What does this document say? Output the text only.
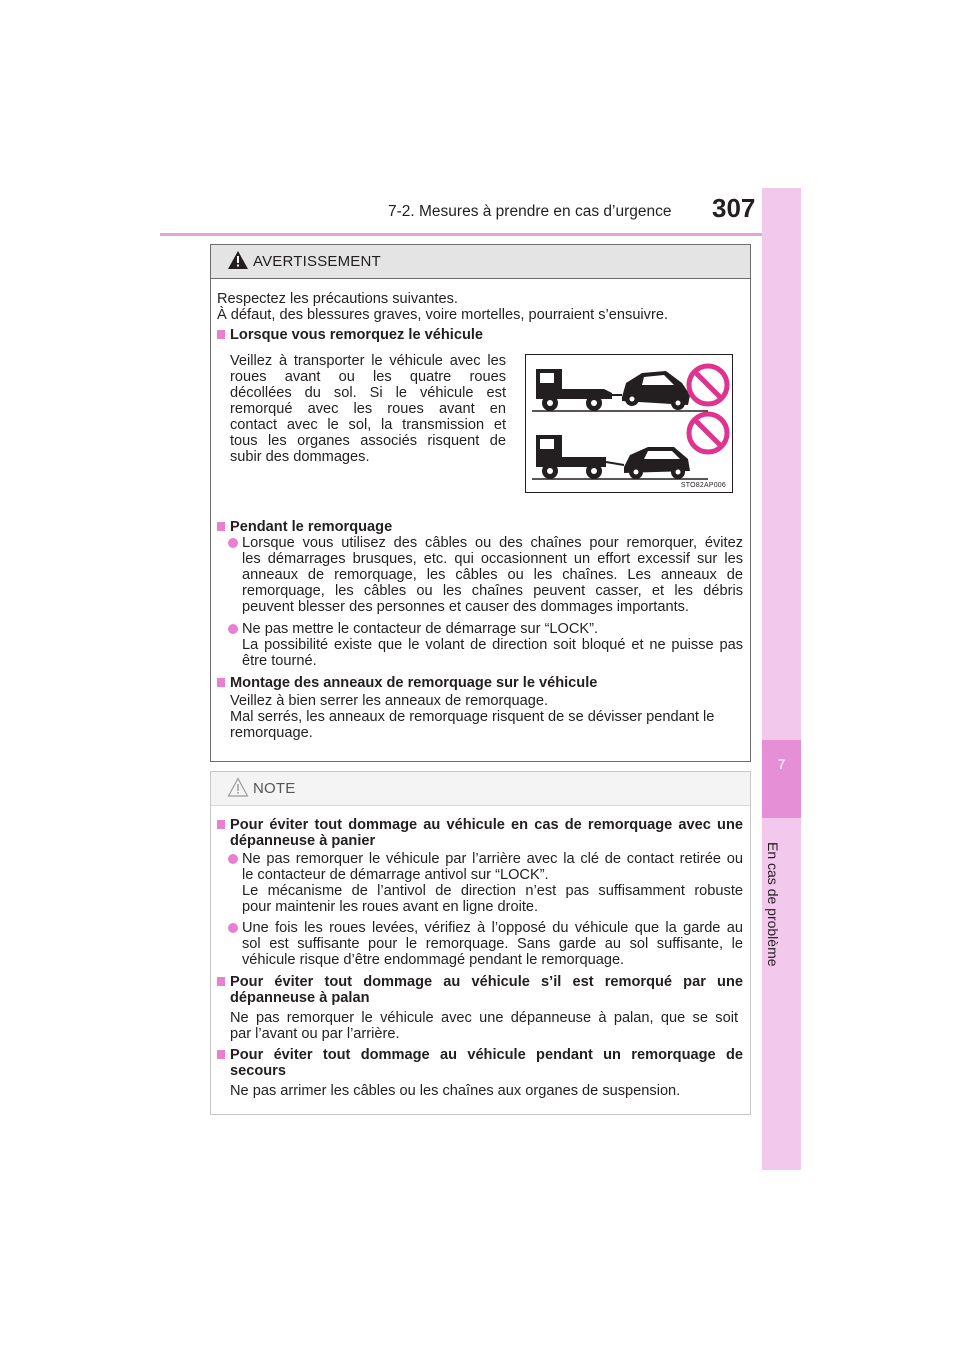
7-2. Mesures à prendre en cas d’urgence 307
7
En cas de problème
AVERTISSEMENT
Respectez les précautions suivantes.
À défaut, des blessures graves, voire mortelles, pourraient s’ensuivre.
Lorsque vous remorquez le véhicule
Veillez à transporter le véhicule avec les
roues avant ou les quatre roues
décollées du sol. Si le véhicule est
remorqué avec les roues avant en
contact avec le sol, la transmission et
tous les organes associés risquent de
subir des dommages.
Pendant le remorquage
Lorsque vous utilisez des câbles ou des chaînes pour remorquer, évitez
les démarrages brusques, etc. qui occasionnent un effort excessif sur les
anneaux de remorquage, les câbles ou les chaînes. Les anneaux de
remorquage, les câbles ou les chaînes peuvent casser, et les débris
peuvent blesser des personnes et causer des dommages importants.
Ne pas mettre le contacteur de démarrage sur “LOCK”.
La possibilité existe que le volant de direction soit bloqué et ne puisse pas
être tourné.
Montage des anneaux de remorquage sur le véhicule
Veillez à bien serrer les anneaux de remorquage.
Mal serrés, les anneaux de remorquage risquent de se dévisser pendant le
remorquage.
STO82AP006
NOTE
Pour éviter tout dommage au véhicule en cas de remorquage avec une
dépanneuse à panier
Ne pas remorquer le véhicule par l’arrière avec la clé de contact retirée ou
le contacteur de démarrage antivol sur “LOCK”.
Le mécanisme de l’antivol de direction n’est pas suffisamment robuste
pour maintenir les roues avant en ligne droite.
Une fois les roues levées, vérifiez à l’opposé du véhicule que la garde au
sol est suffisante pour le remorquage. Sans garde au sol suffisante, le
véhicule risque d’être endommagé pendant le remorquage.
Pour éviter tout dommage au véhicule s’il est remorqué par une
dépanneuse à palan
Ne pas remorquer le véhicule avec une dépanneuse à palan, que se soit
par l’avant ou par l’arrière.
Pour éviter tout dommage au véhicule pendant un remorquage de
secours
Ne pas arrimer les câbles ou les chaînes aux organes de suspension.
